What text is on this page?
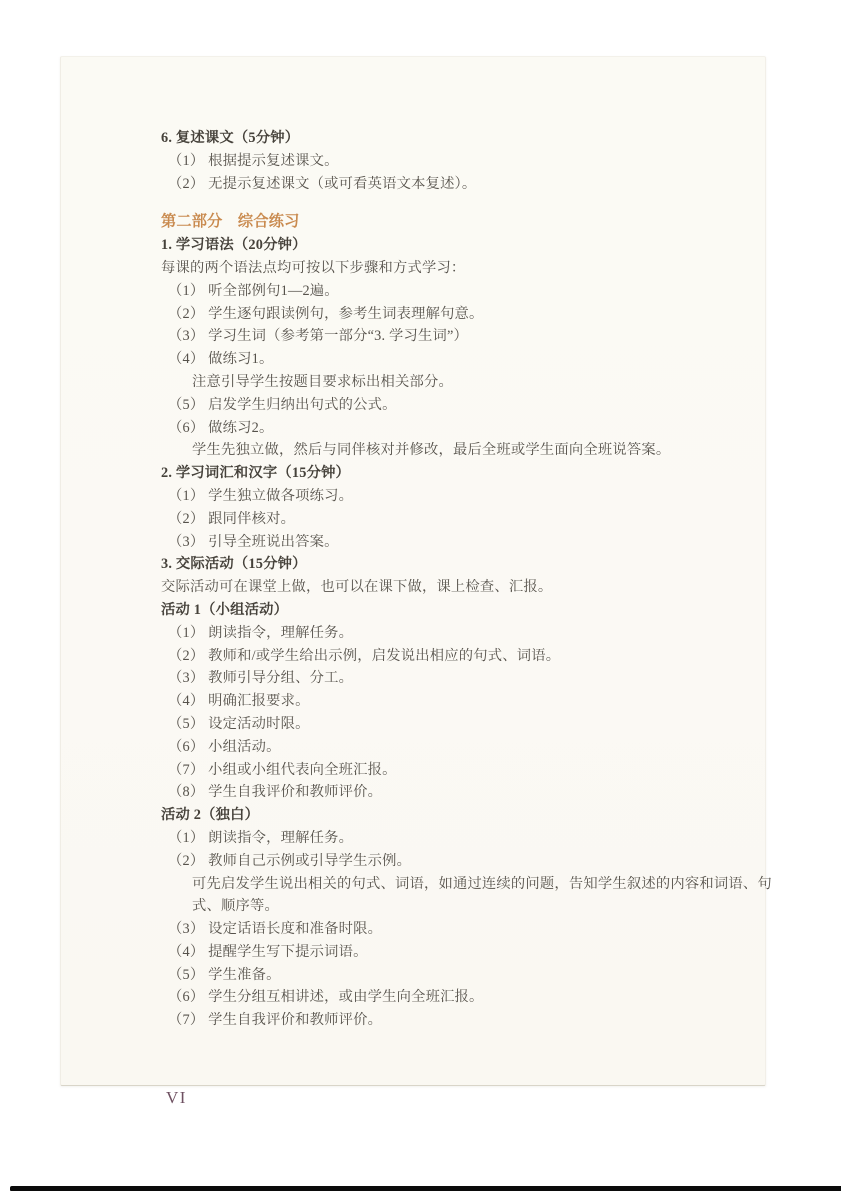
6. 复述课文（5分钟）
（1） 根据提示复述课文。
（2） 无提示复述课文（或可看英语文本复述）。
第二部分　综合练习
1. 学习语法（20分钟）
每课的两个语法点均可按以下步骤和方式学习：
（1） 听全部例句1—2遍。
（2） 学生逐句跟读例句，参考生词表理解句意。
（3） 学习生词（参考第一部分“3. 学习生词”）
（4） 做练习1。
注意引导学生按题目要求标出相关部分。
（5） 启发学生归纳出句式的公式。
（6） 做练习2。
学生先独立做，然后与同伴核对并修改，最后全班或学生面向全班说答案。
2. 学习词汇和汉字（15分钟）
（1） 学生独立做各项练习。
（2） 跟同伴核对。
（3） 引导全班说出答案。
3. 交际活动（15分钟）
交际活动可在课堂上做，也可以在课下做，课上检查、汇报。
活动 1（小组活动）
（1） 朗读指令，理解任务。
（2） 教师和/或学生给出示例，启发说出相应的句式、词语。
（3） 教师引导分组、分工。
（4） 明确汇报要求。
（5） 设定活动时限。
（6） 小组活动。
（7） 小组或小组代表向全班汇报。
（8） 学生自我评价和教师评价。
活动 2（独白）
（1） 朗读指令，理解任务。
（2） 教师自己示例或引导学生示例。
可先启发学生说出相关的句式、词语，如通过连续的问题，告知学生叙述的内容和词语、句
式、顺序等。
（3） 设定话语长度和准备时限。
（4） 提醒学生写下提示词语。
（5） 学生准备。
（6） 学生分组互相讲述，或由学生向全班汇报。
（7） 学生自我评价和教师评价。
VI
